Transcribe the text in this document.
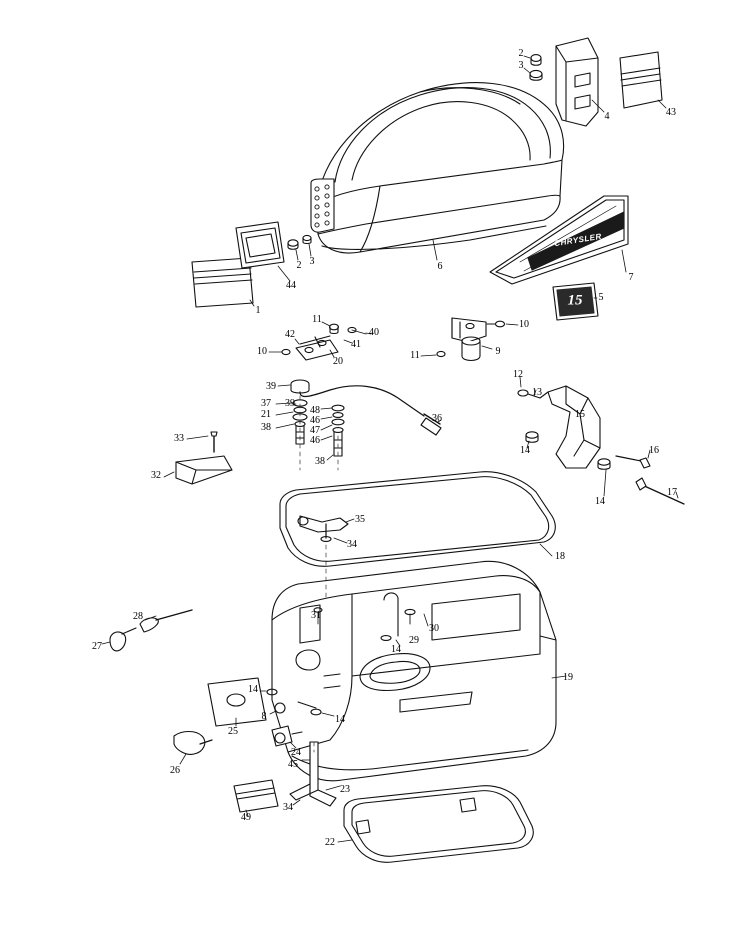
CHRYSLER
15
1
2
3
4	43
2 3
44
6
7
5
11
40
41
42
10
20
10
9
11
39
37 39
21	48
46
47
46
38
38
36
12
13
15
14	16
14
17
33
32
35
34
18
28
27
31
30
29
14
19
14
8	14
25
24
26
45
23
34
49
22
